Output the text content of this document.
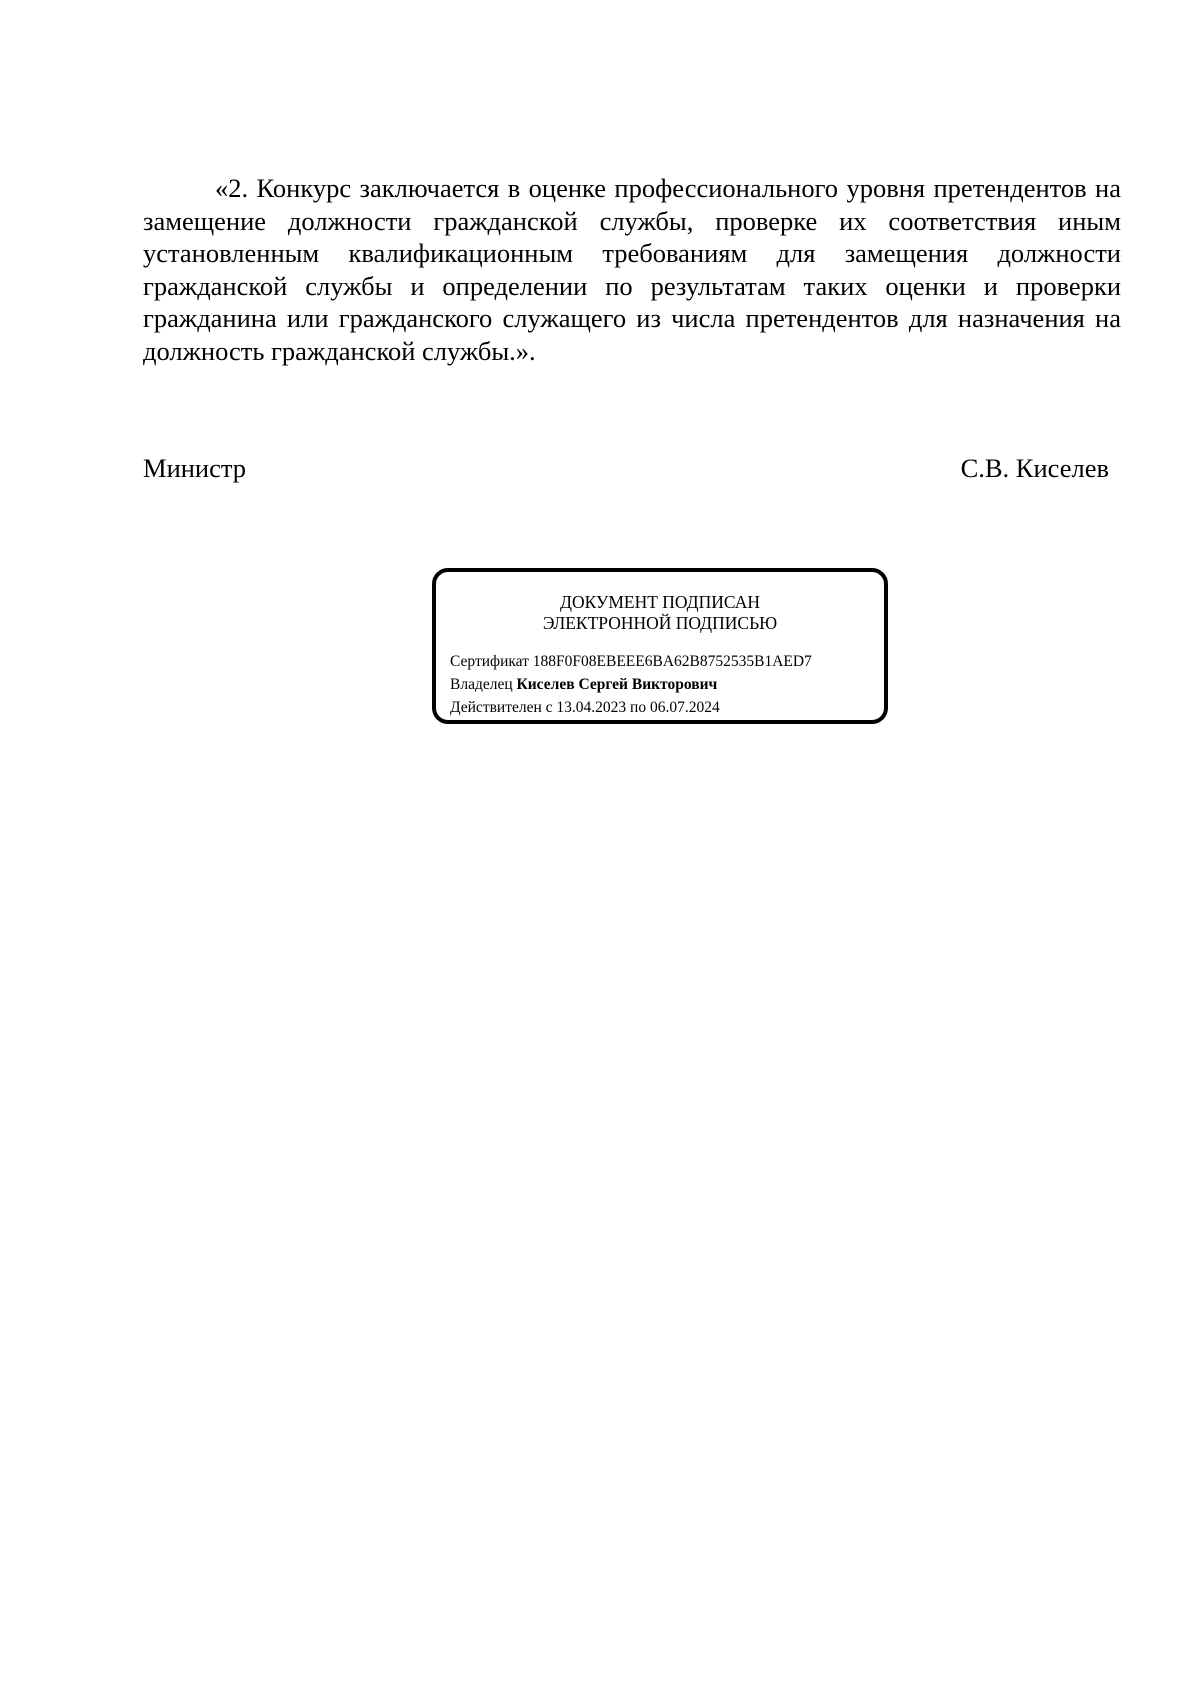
«2. Конкурс заключается в оценке профессионального уровня претендентов на замещение должности гражданской службы, проверке их соответствия иным установленным квалификационным требованиям для замещения должности гражданской службы и определении по результатам таких оценки и проверки гражданина или гражданского служащего из числа претендентов для назначения на должность гражданской службы.».

Министр	С.В. Киселев
ДОКУМЕНТ ПОДПИСАН
ЭЛЕКТРОННОЙ ПОДПИСЬЮ
Сертификат 188F0F08EBEEE6BA62B8752535B1AED7
Владелец Киселев Сергей Викторович
Действителен с 13.04.2023 по 06.07.2024
